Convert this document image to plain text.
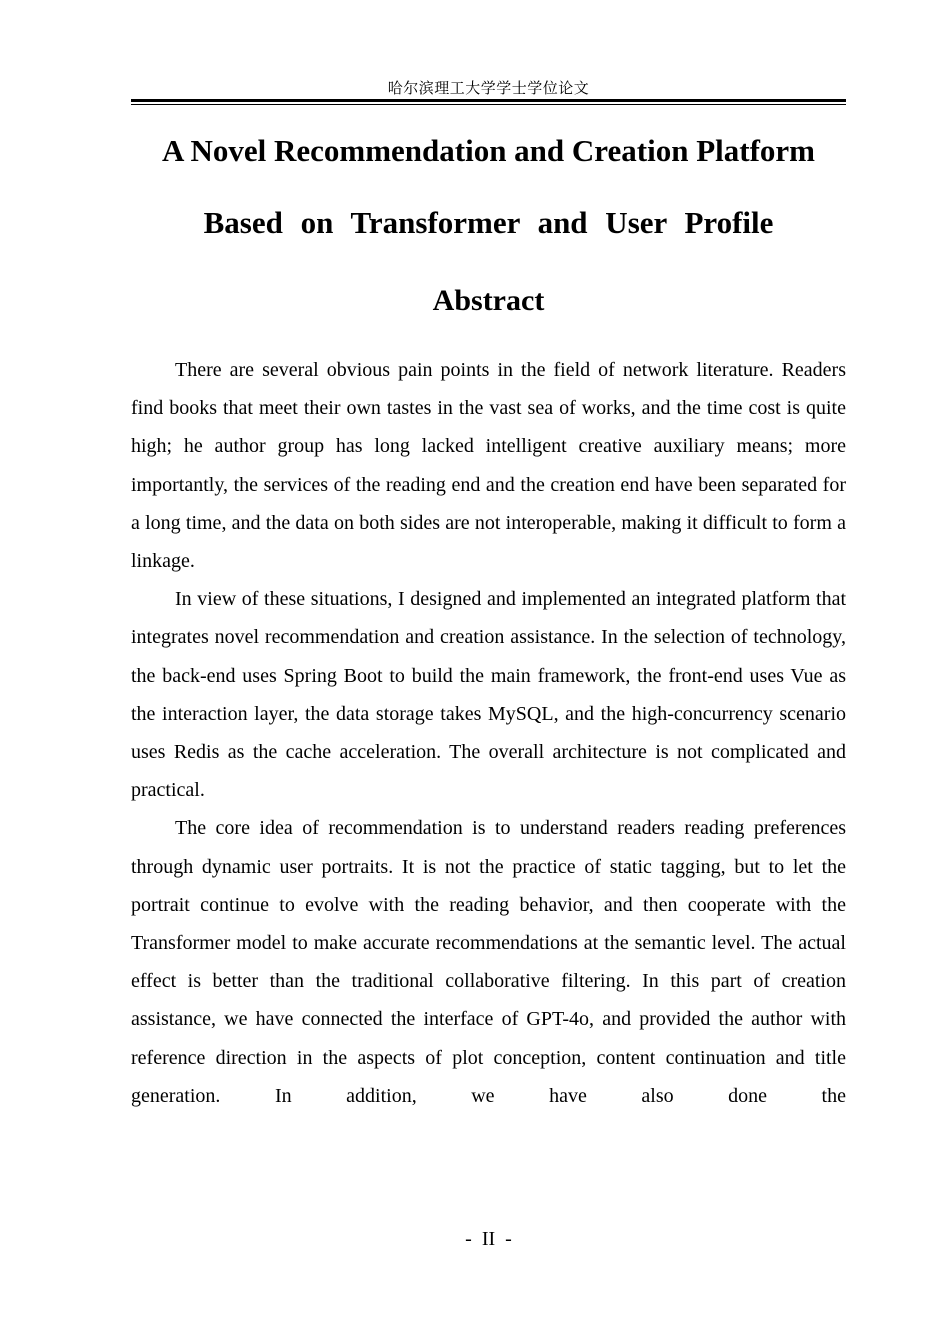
哈尔滨理工大学学士学位论文
A Novel Recommendation and Creation Platform
Based on Transformer and User Profile
Abstract

There are several obvious pain points in the field of network literature. Readers find books that meet their own tastes in the vast sea of works, and the time cost is quite high; he author group has long lacked intelligent creative auxiliary means; more importantly, the services of the reading end and the creation end have been separated for a long time, and the data on both sides are not interoperable, making it difficult to form a linkage.

In view of these situations, I designed and implemented an integrated platform that integrates novel recommendation and creation assistance. In the selection of technology, the back-end uses Spring Boot to build the main framework, the front-end uses Vue as the interaction layer, the data storage takes MySQL, and the high-concurrency scenario uses Redis as the cache acceleration. The overall architecture is not complicated and practical.

The core idea of recommendation is to understand readers reading preferences through dynamic user portraits. It is not the practice of static tagging, but to let the portrait continue to evolve with the reading behavior, and then cooperate with the Transformer model to make accurate recommendations at the semantic level. The actual effect is better than the traditional collaborative filtering. In this part of creation assistance, we have connected the interface of GPT-4o, and provided the author with reference direction in the aspects of plot conception, content continuation and title generation. In addition, we have also done the

-  II  -
